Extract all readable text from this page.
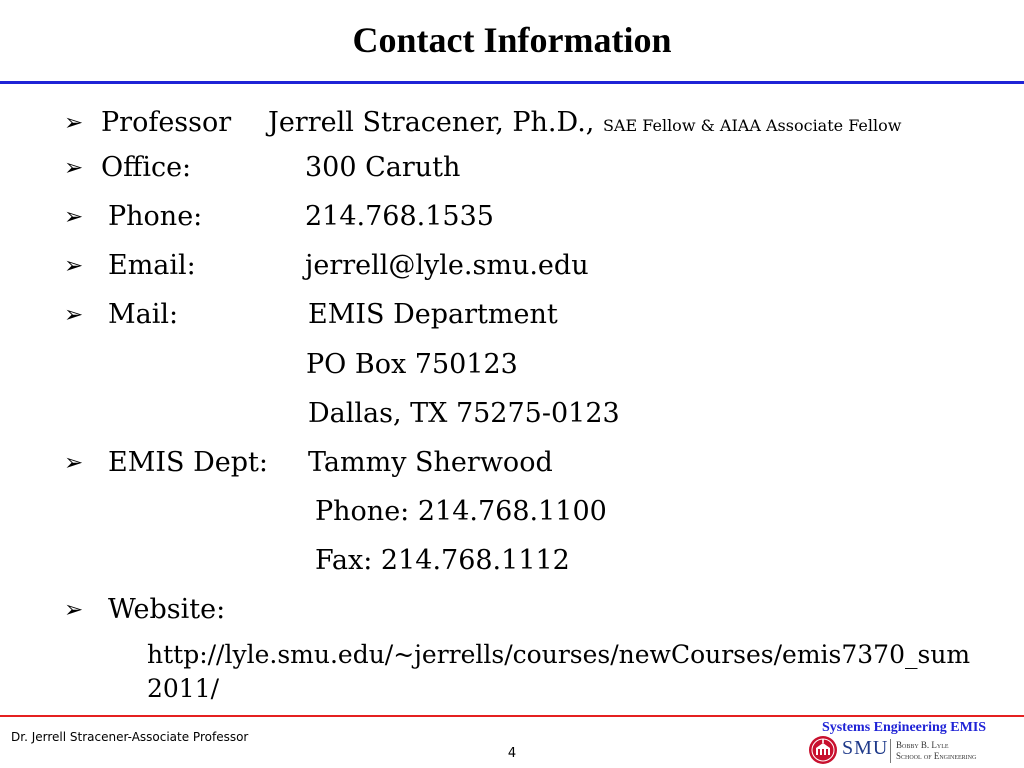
Contact Information
➢ Professor Jerrell Stracener, Ph.D., SAE Fellow & AIAA Associate Fellow
➢ Office:	300 Caruth
➢ Phone:	214.768.1535
➢ Email:	jerrell@lyle.smu.edu
➢ Mail:	EMIS Department
PO Box 750123
Dallas, TX 75275-0123
➢ EMIS Dept: Tammy Sherwood
Phone: 214.768.1100
Fax: 214.768.1112
➢ Website:
http://lyle.smu.edu/~jerrells/courses/newCourses/emis7370_sum2011/
Dr. Jerrell Stracener-Associate Professor
4
Systems Engineering EMIS
SMU Bobby B. Lyle
School of Engineering
